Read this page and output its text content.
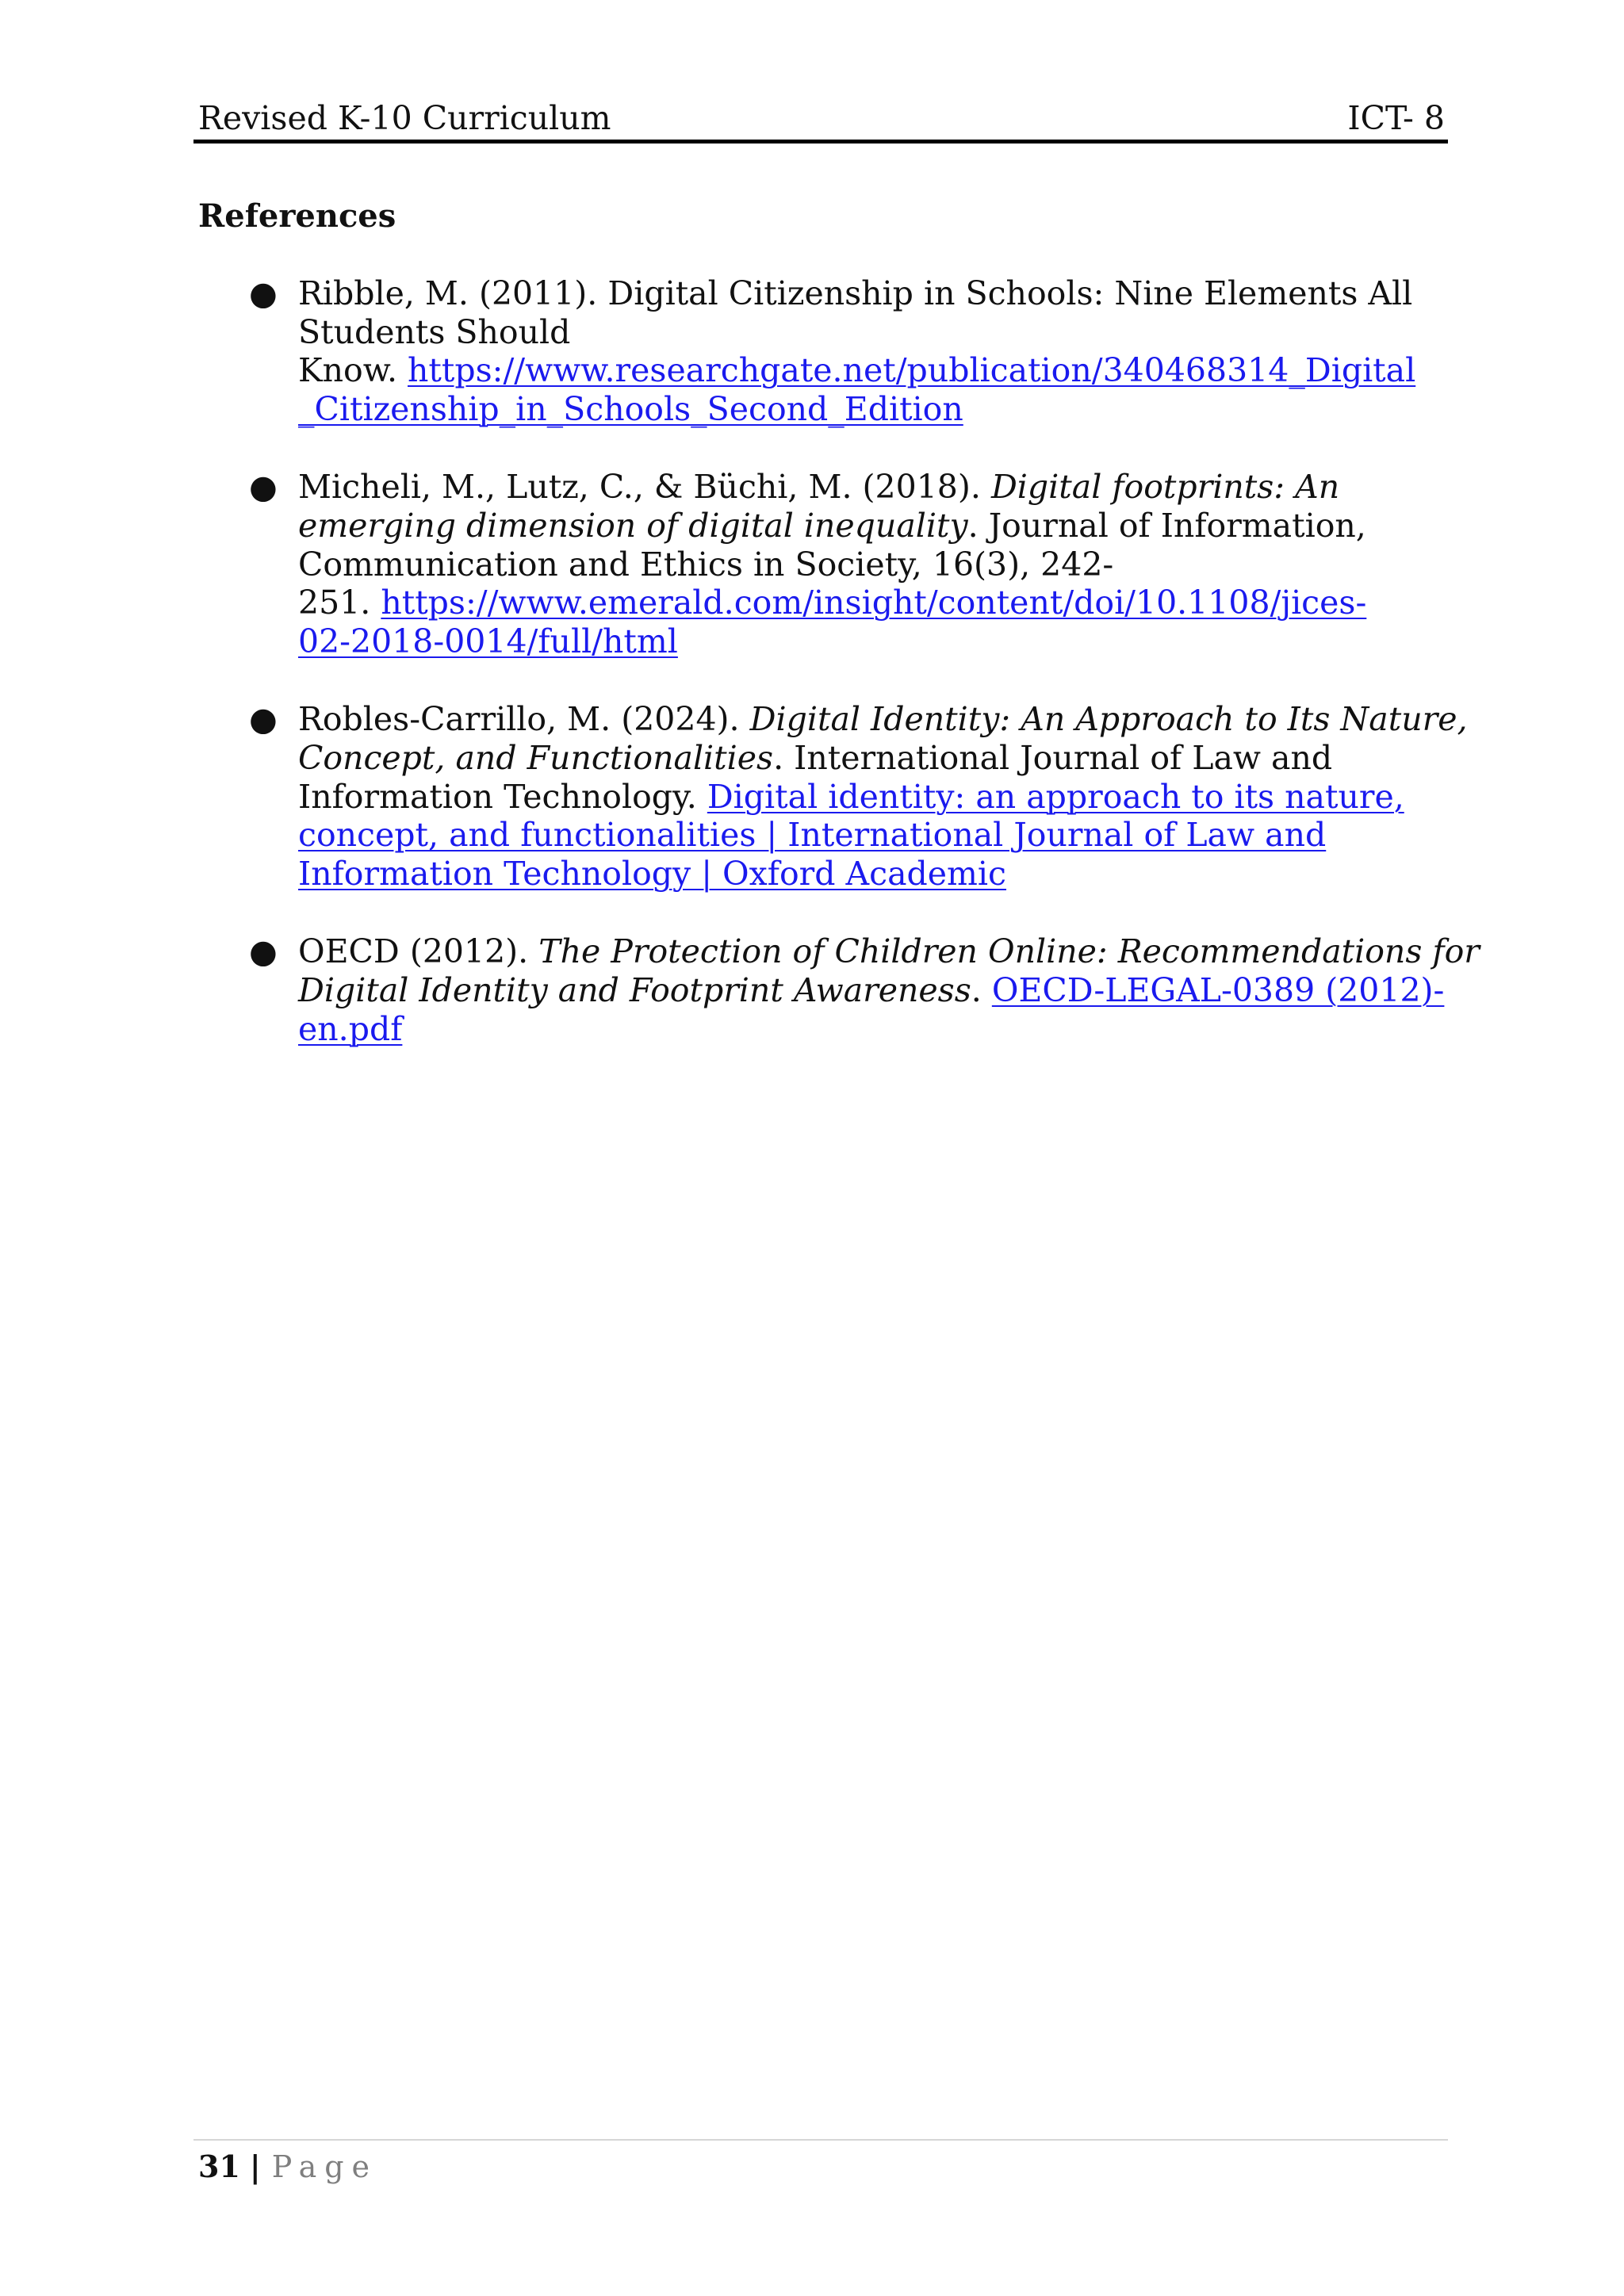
Revised K-10 Curriculum	ICT- 8
References
● Ribble, M. (2011). Digital Citizenship in Schools: Nine Elements All
Students Should
Know. https://www.researchgate.net/publication/340468314_Digital
_Citizenship_in_Schools_Second_Edition
● Micheli, M., Lutz, C., & Büchi, M. (2018). Digital footprints: An
emerging dimension of digital inequality. Journal of Information,
Communication and Ethics in Society, 16(3), 242-
251. https://www.emerald.com/insight/content/doi/10.1108/jices-
02-2018-0014/full/html
● Robles-Carrillo, M. (2024). Digital Identity: An Approach to Its Nature,
Concept, and Functionalities. International Journal of Law and
Information Technology. Digital identity: an approach to its nature,
concept, and functionalities | International Journal of Law and
Information Technology | Oxford Academic
● OECD (2012). The Protection of Children Online: Recommendations for
Digital Identity and Footprint Awareness. OECD-LEGAL-0389 (2012)-
en.pdf
31 | Page
